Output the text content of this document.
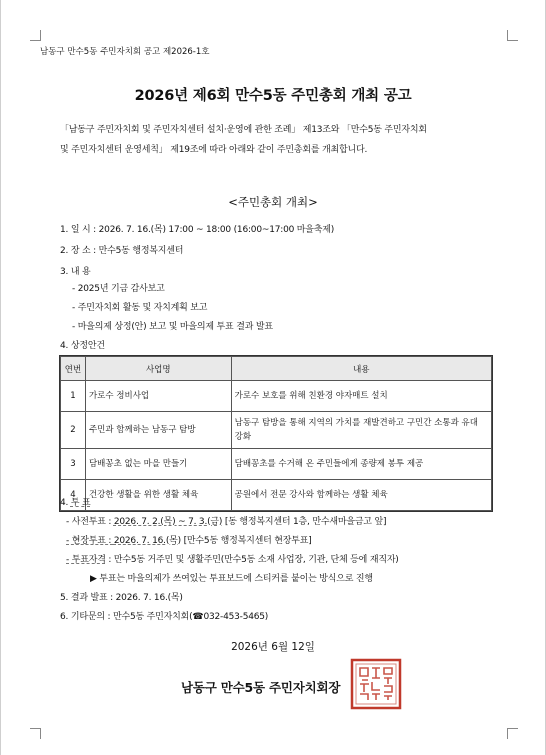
남동구 만수5동 주민자치회 공고 제2026-1호
2026년 제6회 만수5동 주민총회 개최 공고
「남동구 주민자치회 및 주민자치센터 설치·운영에 관한 조례」 제13조와 「만수5동 주민자치회
및 주민자치센터 운영세칙」 제19조에 따라 아래와 같이 주민총회를 개최합니다.
<주민총회 개최>
1. 일 시 : 2026. 7. 16.(목) 17:00 ~ 18:00 (16:00~17:00 마을축제)
2. 장 소 : 만수5동 행정복지센터
3. 내 용
- 2025년 기금 감사보고
- 주민자치회 활동 및 자치계획 보고
- 마을의제 상정(안) 보고 및 마을의제 투표 결과 발표
4. 상정안건
연번	사업명	내용
1	가로수 정비사업	가로수 보호를 위해 친환경 야자매트 설치
2	주민과 함께하는 남동구 탐방	남동구 탐방을 통해 지역의 가치를 재발견하고 구민간 소통과 유대 강화
3	담배꽁초 없는 마을 만들기	담배꽁초를 수거해 온 주민들에게 종량제 봉투 제공
4	건강한 생활을 위한 생활 체육	공원에서 전문 강사와 함께하는 생활 체육
4. 투 표
- 사전투표 : 2026. 7. 2.(목) ~ 7. 3.(금) [동 행정복지센터 1층, 만수새마을금고 앞]
- 현장투표 : 2026. 7. 16.(목) [만수5동 행정복지센터 현장투표]
- 투표자격 : 만수5동 거주민 및 생활주민(만수5동 소재 사업장, 기관, 단체 등에 재직자)
▶ 투표는 마을의제가 쓰여있는 투표보드에 스티커를 붙이는 방식으로 진행
5. 결과 발표 : 2026. 7. 16.(목)
6. 기타문의 : 만수5동 주민자치회(☎032-453-5465)
2026년 6월 12일
남동구 만수5동 주민자치회장
